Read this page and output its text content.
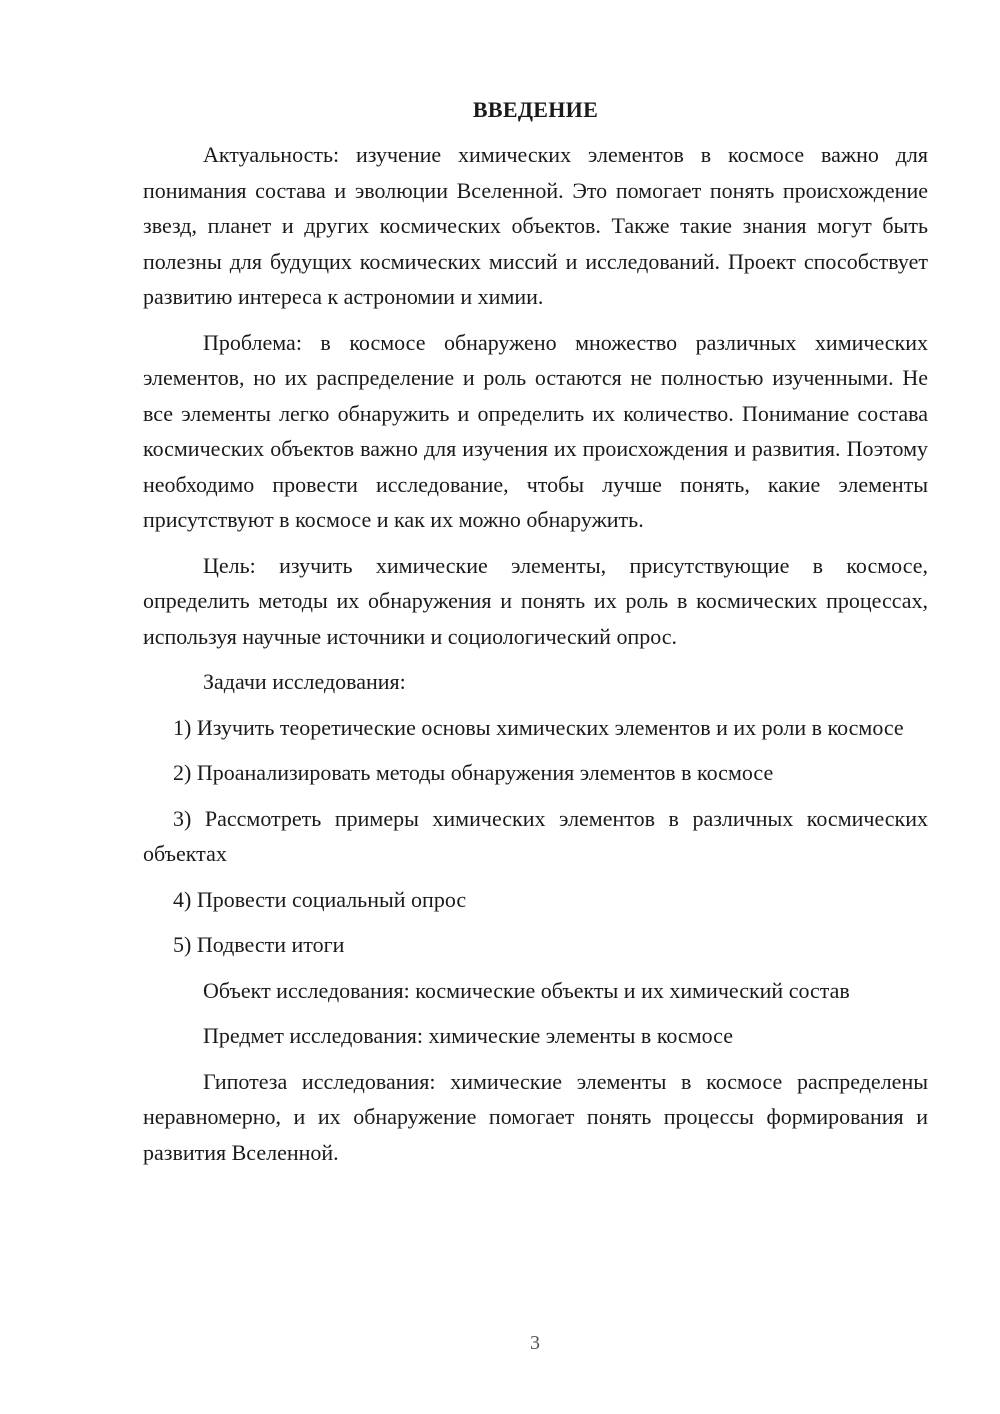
ВВЕДЕНИЕ

Актуальность: изучение химических элементов в космосе важно для понимания состава и эволюции Вселенной. Это помогает понять происхождение звезд, планет и других космических объектов. Также такие знания могут быть полезны для будущих космических миссий и исследований. Проект способствует развитию интереса к астрономии и химии.

Проблема: в космосе обнаружено множество различных химических элементов, но их распределение и роль остаются не полностью изученными. Не все элементы легко обнаружить и определить их количество. Понимание состава космических объектов важно для изучения их происхождения и развития. Поэтому необходимо провести исследование, чтобы лучше понять, какие элементы присутствуют в космосе и как их можно обнаружить.

Цель: изучить химические элементы, присутствующие в космосе, определить методы их обнаружения и понять их роль в космических процессах, используя научные источники и социологический опрос.

Задачи исследования:

1) Изучить теоретические основы химических элементов и их роли в космосе

2) Проанализировать методы обнаружения элементов в космосе

3) Рассмотреть примеры химических элементов в различных космических объектах

4) Провести социальный опрос

5) Подвести итоги

Объект исследования: космические объекты и их химический состав

Предмет исследования: химические элементы в космосе

Гипотеза исследования: химические элементы в космосе распределены неравномерно, и их обнаружение помогает понять процессы формирования и развития Вселенной.

3
